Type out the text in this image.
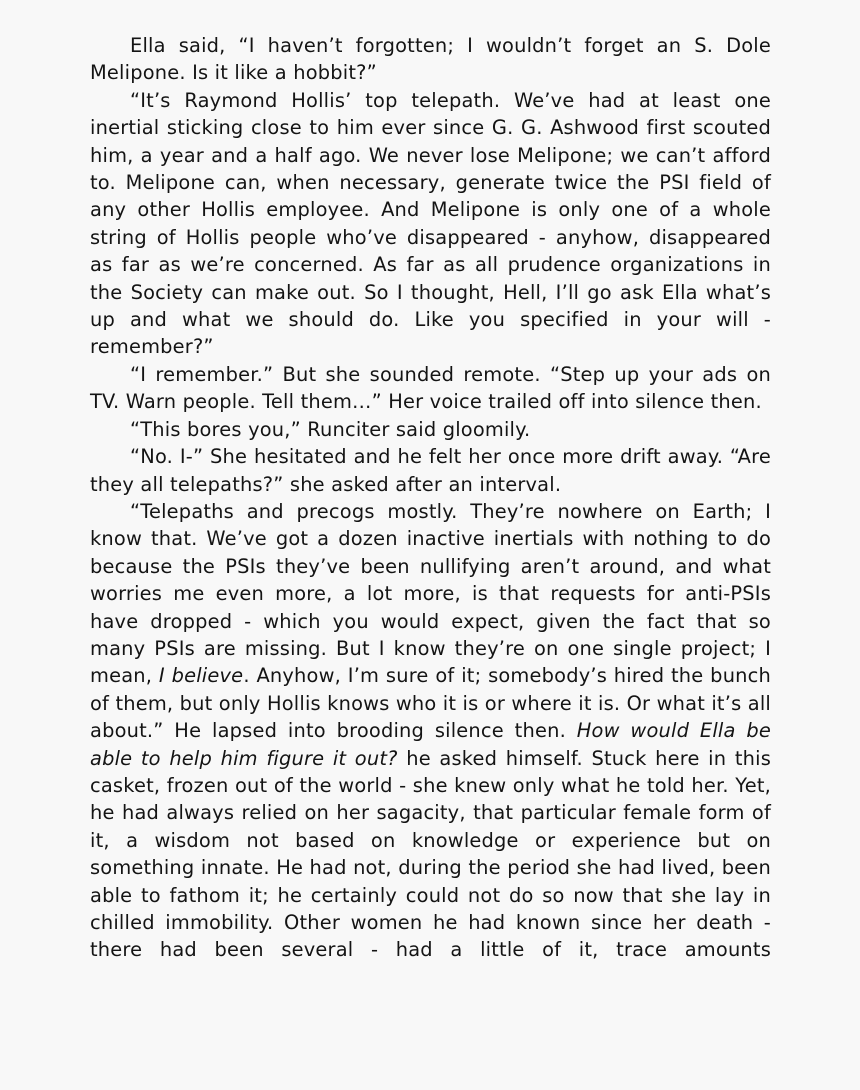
Ella said, “I haven’t forgotten; I wouldn’t forget an S. Dole Melipone. Is it like a hobbit?”

“It’s Raymond Hollis’ top telepath. We’ve had at least one inertial sticking close to him ever since G. G. Ashwood first scouted him, a year and a half ago. We never lose Melipone; we can’t afford to. Melipone can, when necessary, generate twice the PSI field of any other Hollis employee. And Melipone is only one of a whole string of Hollis people who’ve disappeared - anyhow, disappeared as far as we’re concerned. As far as all prudence organizations in the Society can make out. So I thought, Hell, I’ll go ask Ella what’s up and what we should do. Like you specified in your will - remember?”

“I remember.” But she sounded remote. “Step up your ads on TV. Warn people. Tell them…” Her voice trailed off into silence then.

“This bores you,” Runciter said gloomily.

“No. I-” She hesitated and he felt her once more drift away. “Are they all telepaths?” she asked after an interval.

“Telepaths and precogs mostly. They’re nowhere on Earth; I know that. We’ve got a dozen inactive inertials with nothing to do because the PSIs they’ve been nullifying aren’t around, and what worries me even more, a lot more, is that requests for anti-PSIs have dropped - which you would expect, given the fact that so many PSIs are missing. But I know they’re on one single project; I mean, I believe. Anyhow, I’m sure of it; somebody’s hired the bunch of them, but only Hollis knows who it is or where it is. Or what it’s all about.” He lapsed into brooding silence then. How would Ella be able to help him figure it out? he asked himself. Stuck here in this casket, frozen out of the world - she knew only what he told her. Yet, he had always relied on her sagacity, that particular female form of it, a wisdom not based on knowledge or experience but on something innate. He had not, during the period she had lived, been able to fathom it; he certainly could not do so now that she lay in chilled immobility. Other women he had known since her death - there had been several - had a little of it, trace amounts
